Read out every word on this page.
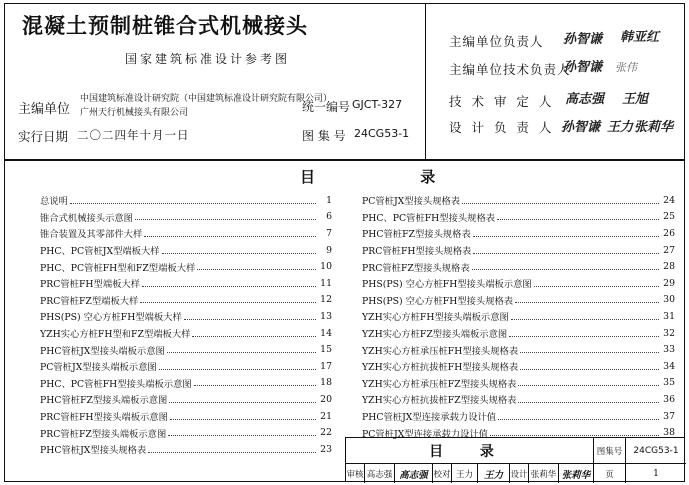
混凝土预制桩锥合式机械接头
国家建筑标准设计参考图
主编单位
中国建筑标准设计研究院（中国建筑标准设计研究院有限公司）
广州天行机械接头有限公司	统一编号 GJCT-327
实行日期 二〇二四年十月一日	图 集 号 24CG53-1
主编单位负责人 孙智谦 韩亚红
主编单位技术负责人
孙智谦 张伟
技 术 审 定 人 高志强 王旭
设 计 负 责 人 孙智谦 王力 张莉华
目 录
总说明	1
锥合式机械接头示意图	6
锥合装置及其零部件大样	7
PHC、PC管桩JX型端板大样	9
PHC、PC管桩FH型和FZ型端板大样	10
PRC管桩FH型端板大样	11
PRC管桩FZ型端板大样	12
PHS(PS) 空心方桩FH型端板大样	13
YZH实心方桩FH型和FZ型端板大样	14
PHC管桩JX型接头端板示意图	15
PC管桩JX型接头端板示意图	17
PHC、PC管桩FH型接头端板示意图	18
PHC管桩FZ型接头端板示意图	20
PRC管桩FH型接头端板示意图	21
PRC管桩FZ型接头端板示意图	22
PHC管桩JX型接头规格表	23
PC管桩JX型接头规格表	24
PHC、PC管桩FH型接头规格表	25
PHC管桩FZ型接头规格表	26
PRC管桩FH型接头规格表	27
PRC管桩FZ型接头规格表	28
PHS(PS) 空心方桩FH型接头端板示意图	29
PHS(PS) 空心方桩FH型接头规格表	30
YZH实心方桩FH型接头端板示意图	31
YZH实心方桩FZ型接头端板示意图	32
YZH实心方桩承压桩FH型接头规格表	33
YZH实心方桩抗拔桩FH型接头规格表	34
YZH实心方桩承压桩FZ型接头规格表	35
YZH实心方桩抗拔桩FZ型接头规格表	36
PHC管桩JX型连接承载力设计值	37
PC管桩JX型连接承载力设计值	38
目 录	图集号	24CG53-1
审核 高志强 高志强 校对 王力	王力 设计 张莉华 张莉华	页	1
